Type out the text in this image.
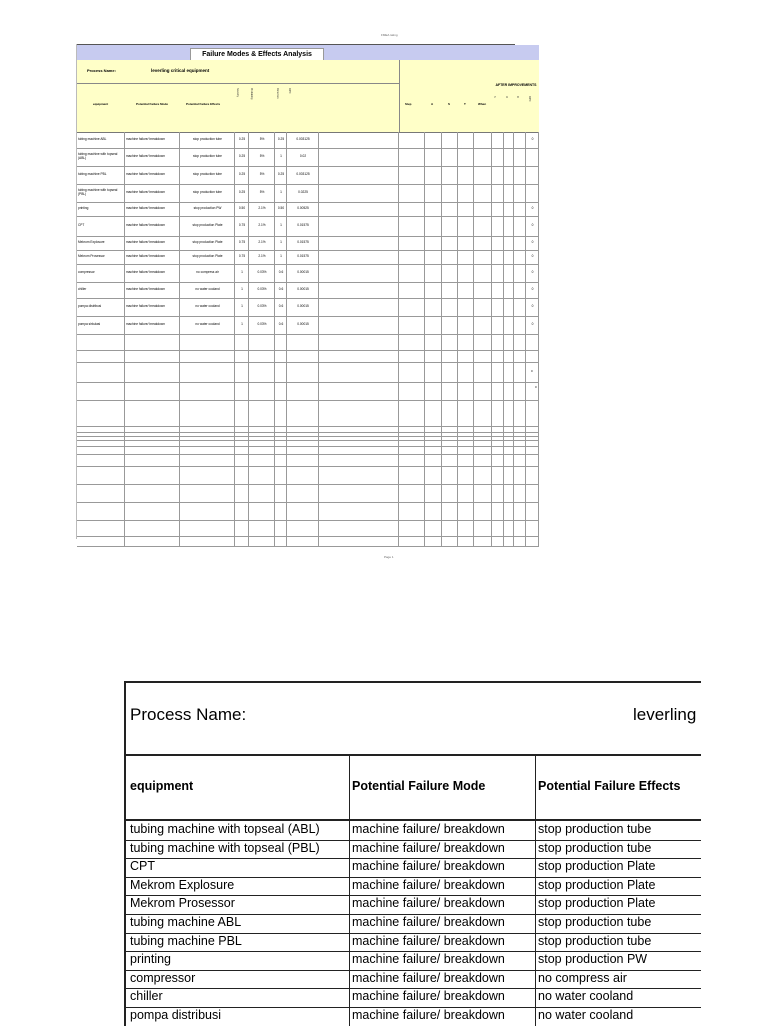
FMEA rating
Failure Modes & Effects Analysis
Process Name:	leverling critical equipment
AFTER IMPROVEMENTS
equipment	Potential Failure Mode	Potential Failure Effects
Severity	Probability	Detection	RPN
Step	A	S	T	When
S	O	D	RPN
tubing machine ABL	machine failure/ breakdown	stop production tube	0.25	5%	0.25	0.003125	0
tubing machine with topseal (ABL)	machine failure/ breakdown	stop production tube	0.25	5%	1	0.02
tubing machine PBL	machine failure/ breakdown	stop production tube	0.25	5%	0.25	0.003125
tubing machine with topseal (PBL)	machine failure/ breakdown	stop production tube	0.25	5%	1	0.0225
printing	machine failure/ breakdown	stop production PW	0.50	2.1%	0.50	0.00525	0
CPT	machine failure/ breakdown	stop production Plate	0.75	2.1%	1	0.01575	0
Mekrom Explosure	machine failure/ breakdown	stop production Plate	0.75	2.1%	1	0.01575	0
Mekrom Prosessor	machine failure/ breakdown	stop production Plate	0.75	2.1%	1	0.01575	0
compressor	machine failure/ breakdown	no compress air	1	0.03%	0.6	0.00015	0
chiller	machine failure/ breakdown	no water cooland	1	0.03%	0.6	0.00015	0
pompa distribusi	machine failure/ breakdown	no water cooland	1	0.03%	0.6	0.00015	0
pompa sirkulasi	machine failure/ breakdown	no water cooland	1	0.03%	0.6	0.00015	0
0
0
Page 1
Process Name:	leverling
equipment	Potential Failure Mode	Potential Failure Effects
tubing machine with topseal (ABL)	machine failure/ breakdown	stop production tube
tubing machine with topseal (PBL)	machine failure/ breakdown	stop production tube
CPT	machine failure/ breakdown	stop production Plate
Mekrom Explosure	machine failure/ breakdown	stop production Plate
Mekrom Prosessor	machine failure/ breakdown	stop production Plate
tubing machine ABL	machine failure/ breakdown	stop production tube
tubing machine PBL	machine failure/ breakdown	stop production tube
printing	machine failure/ breakdown	stop production PW
compressor	machine failure/ breakdown	no compress air
chiller	machine failure/ breakdown	no water cooland
pompa distribusi	machine failure/ breakdown	no water cooland
